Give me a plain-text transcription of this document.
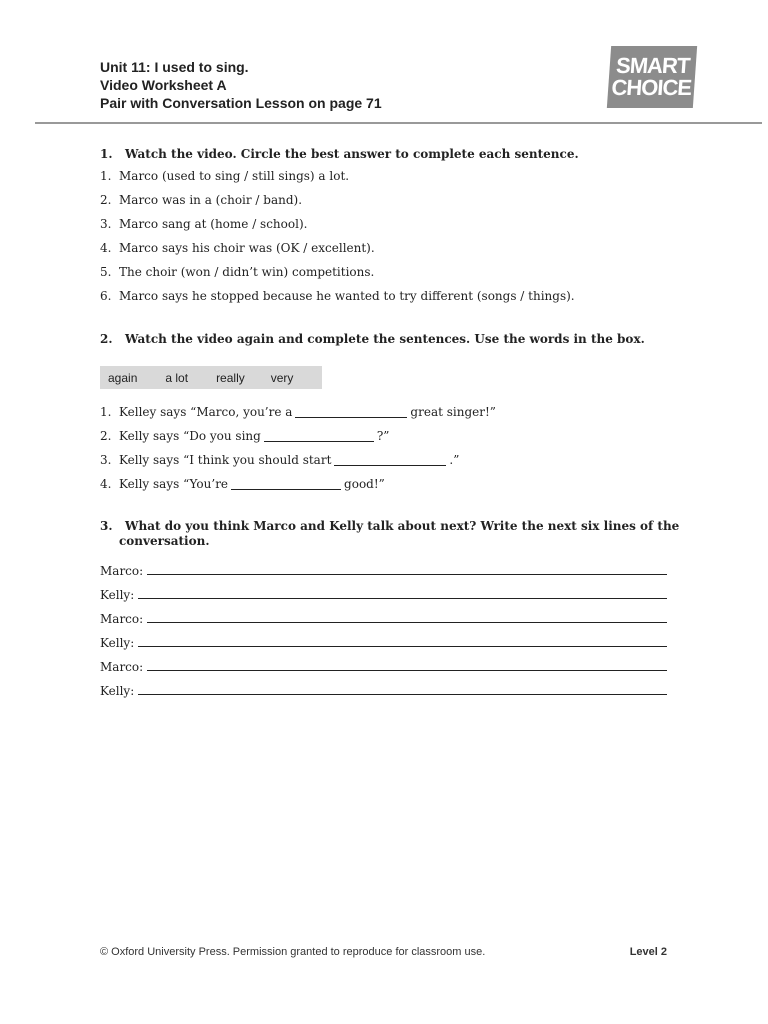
Unit 11: I used to sing.
Video Worksheet A
Pair with Conversation Lesson on page 71
SMART
CHOICE
1.   Watch the video. Circle the best answer to complete each sentence.
1. Marco (used to sing / still sings) a lot.
2. Marco was in a (choir / band).
3. Marco sang at (home / school).
4. Marco says his choir was (OK / excellent).
5. The choir (won / didn’t win) competitions.
6. Marco says he stopped because he wanted to try different (songs / things).
2.   Watch the video again and complete the sentences. Use the words in the box.
again a lot really very
1. Kelley says “Marco, you’re a	great singer!”
2. Kelly says “Do you sing	?”
3. Kelly says “I think you should start	.”
4. Kelly says “You’re	good!”
3.   What do you think Marco and Kelly talk about next? Write the next six lines of the
conversation.
Marco:
Kelly:
Marco:
Kelly:
Marco:
Kelly:
© Oxford University Press. Permission granted to reproduce for classroom use.	Level 2
